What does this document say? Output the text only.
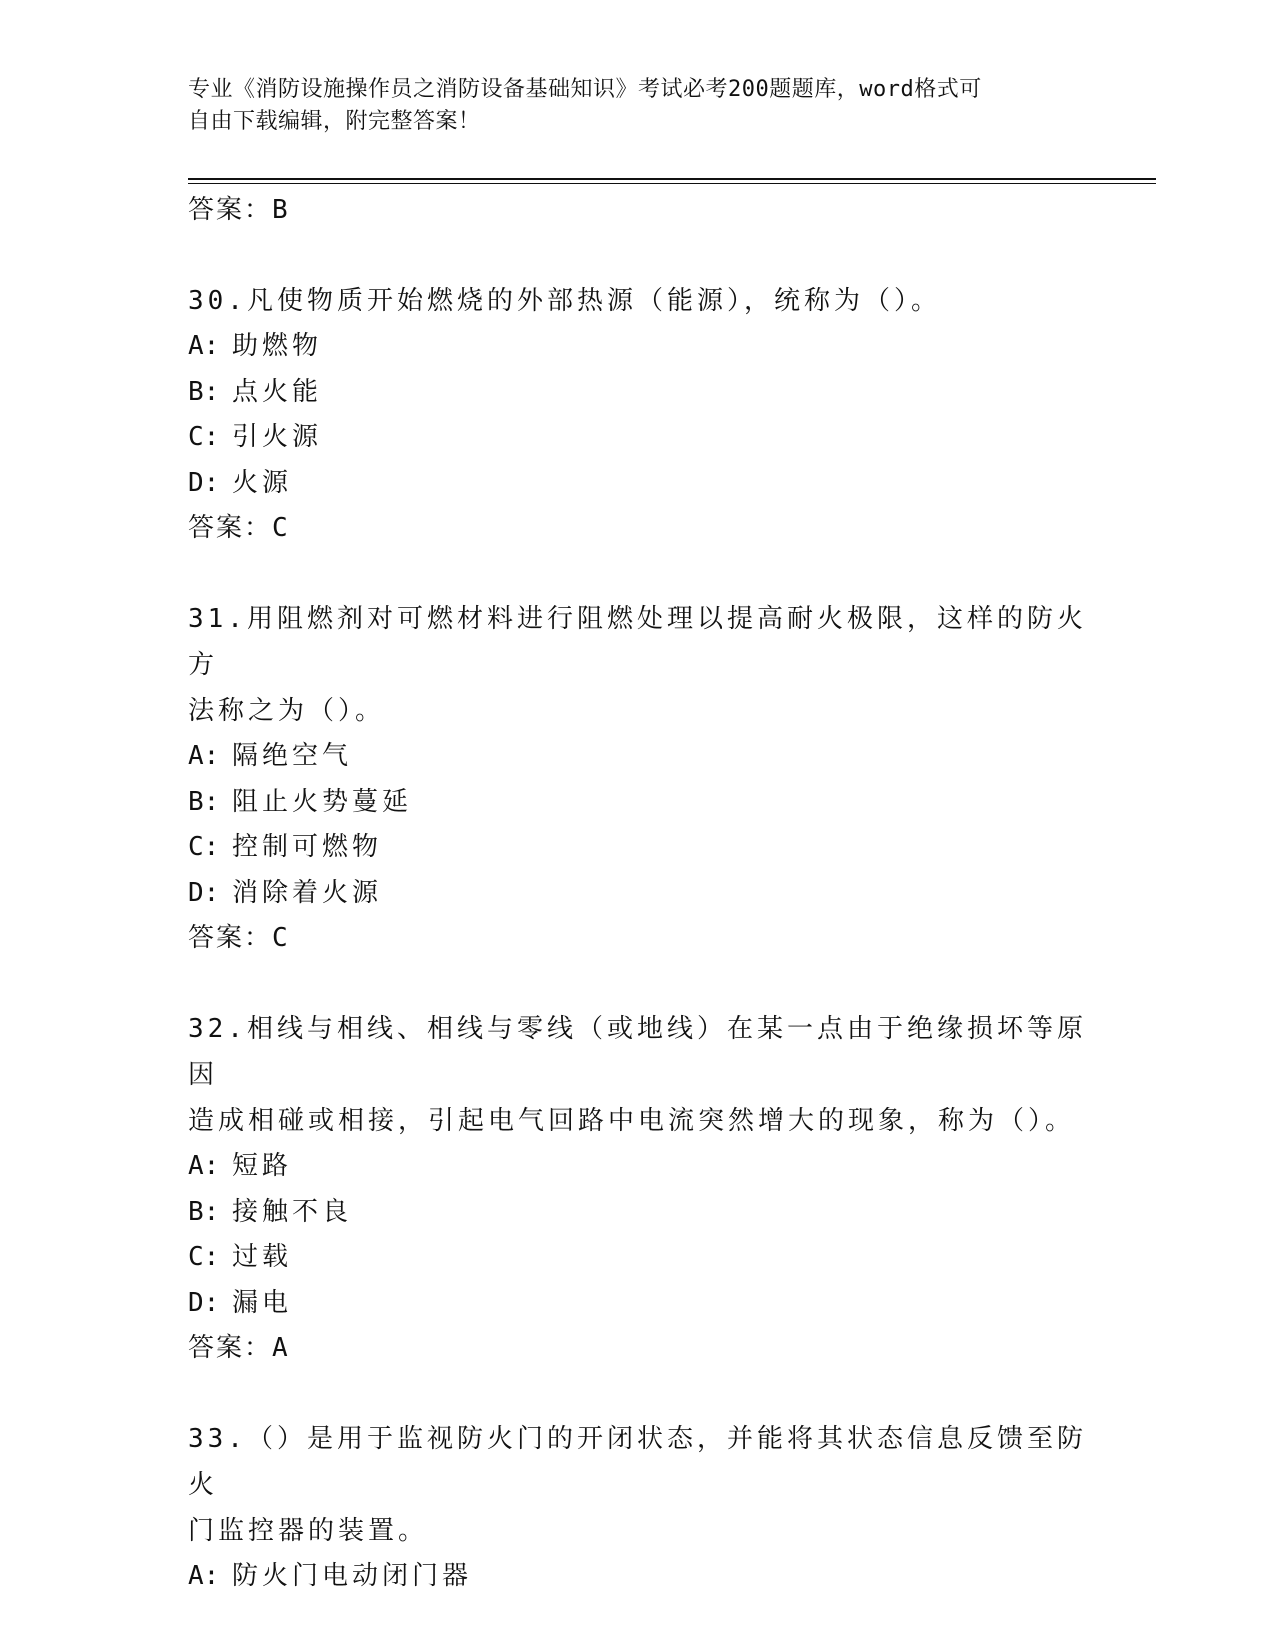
专业《消防设施操作员之消防设备基础知识》考试必考200题题库，word格式可
自由下载编辑，附完整答案！
答案：B
30.凡使物质开始燃烧的外部热源（能源），统称为（）。
A: 助燃物
B: 点火能
C: 引火源
D: 火源
答案：C
31.用阻燃剂对可燃材料进行阻燃处理以提高耐火极限，这样的防火方
法称之为（）。
A: 隔绝空气
B: 阻止火势蔓延
C: 控制可燃物
D: 消除着火源
答案：C
32.相线与相线、相线与零线（或地线）在某一点由于绝缘损坏等原因
造成相碰或相接，引起电气回路中电流突然增大的现象，称为（）。
A: 短路
B: 接触不良
C: 过载
D: 漏电
答案：A
33.（）是用于监视防火门的开闭状态，并能将其状态信息反馈至防火
门监控器的装置。
A: 防火门电动闭门器
